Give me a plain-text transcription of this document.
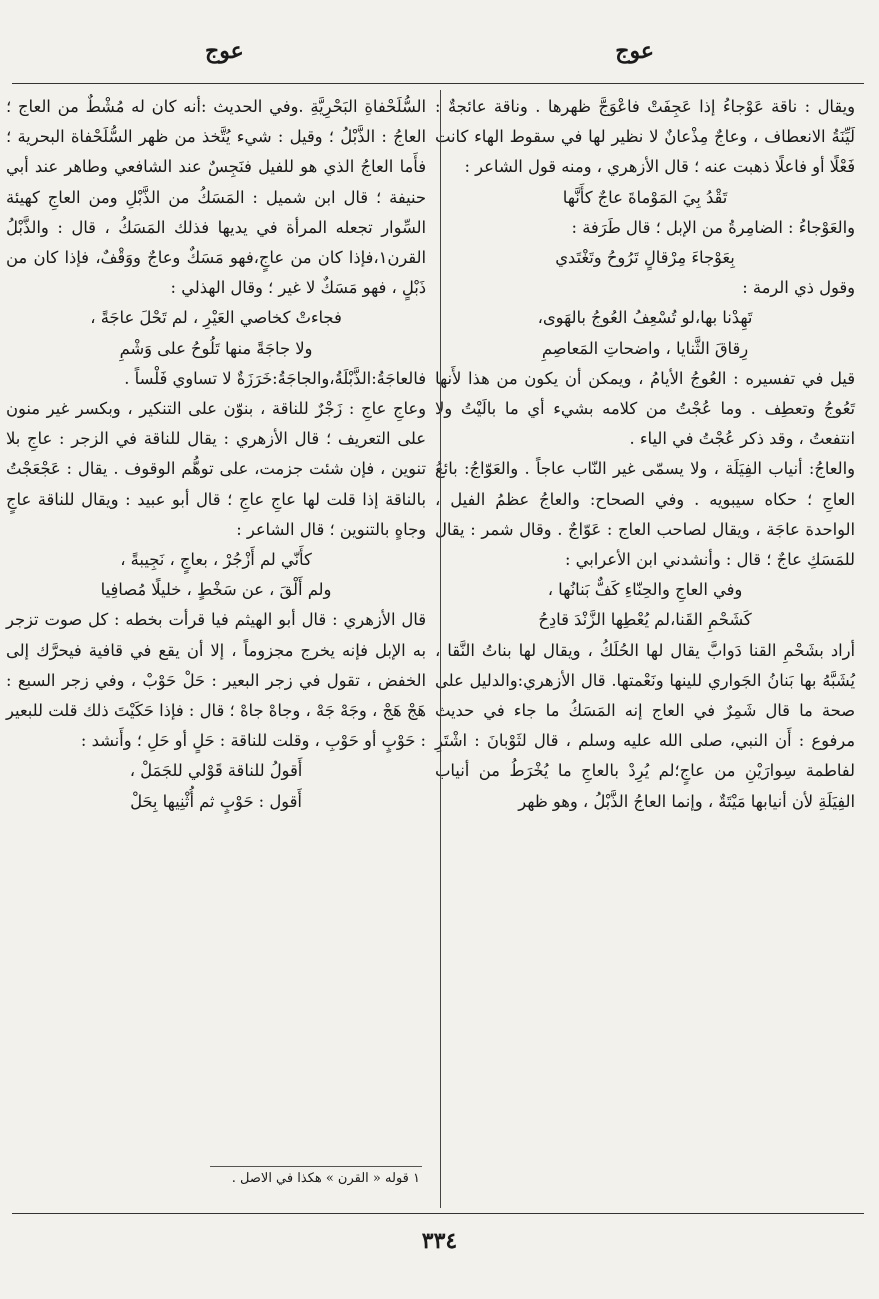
عوج
عوج

ويقال : ناقة عَوْجاءُ إذا عَجِفَتْ فاعْوَجَّ ظهرها . وناقة عائجةٌ : لَيِّنَةُ الانعطاف ، وعاجٌ مِذْعانٌ لا نظير لها في سقوط الهاء كانت فَعْلًا أو فاعلًا ذهبت عنه ؛ قال الأزهري ، ومنه قول الشاعر :

تَقْدُ بِيَ المَوْماةَ عاجٌ كأَنَّها

والعَوْجاءُ : الضامِرةُ من الإبل ؛ قال طَرَفة :

بِعَوْجاءَ مِرْقالٍ تَرُوحُ وتَغْتَدي

وقول ذي الرمة :

تَهِدْنا بها،لو تُسْعِفُ العُوجُ بالهَوى،

رِقاقَ الثَّنايا ، واضحاتِ المَعاصِمِ

قيل في تفسيره : العُوجُ الأيامُ ، ويمكن أن يكون من هذا لأَنها تَعُوجُ وتعطِف . وما عُجْتُ من كلامه بشيء أي ما بالَيْتُ ولا انتفعتُ ، وقد ذكر عُجْتُ في الياء .

والعاجُ: أنياب الفِيَلَة ، ولا يسمّى غير النّاب عاجاً . والعَوّاجُ: بائعُ العاجِ ؛ حكاه سيبويه . وفي الصحاح: والعاجُ عظمُ الفيل ، الواحدة عاجَة ، ويقال لصاحب العاج : عَوّاجٌ . وقال شمر : يقال للمَسَكِ عاجٌ ؛ قال : وأنشدني ابن الأعرابي :

وفي العاجِ والحِنّاءِ كَفٌّ بَنانُها ،

كَشَحْمِ القَنا،لم يُعْطِها الزَّنْدَ قادِحُ

أراد بشَحْمِ القنا دَوابَّ يقال لها الحُلَكُ ، ويقال لها بناتُ النَّقا ، يُشَبَّهُ بها بَنانُ الجَواري للينها ونَعْمتها. قال الأزهري:والدليل على صحة ما قال شَمِرٌ في العاج إنه المَسَكُ ما جاء في حديث مرفوع : أَن النبي، صلى الله عليه وسلم ، قال لثَوْبانَ : اشْتَرِ لفاطمة سِوارَيْنِ من عاجٍ؛لم يُرِدْ بالعاجِ ما يُخْرَطُ من أنياب الفِيَلَةِ لأن أنيابها مَيْتَةٌ ، وإنما العاجُ الذَّبْلُ ، وهو ظهر

السُّلَحْفاةِ البَحْرِيَّةِ .وفي الحديث :أنه كان له مُشْطٌ من العاج ؛ العاجُ : الذَّبْلُ ؛ وقيل : شيء يُتَّخذ من ظهر السُّلَحْفاة البحرية ؛ فأَما العاجُ الذي هو للفيل فنَجِسٌ عند الشافعي وطاهر عند أبي حنيفة ؛ قال ابن شميل : المَسَكُ من الذَّبْلِ ومن العاجِ كهيئة السِّوار تجعله المرأة في يديها فذلك المَسَكُ ، قال : والذَّبْلُ القرن١،فإذا كان من عاجٍ،فهو مَسَكٌ وعاجٌ ووَقْفٌ، فإذا كان من ذَبْلٍ ، فهو مَسَكٌ لا غير ؛ وقال الهذلي :

فجاءتْ كخاصي العَيْرِ ، لم تَحْلَ عاجَةً ،

ولا جاجَةً منها تَلُوحُ على وَشْمِ

فالعاجَةُ:الذَّبْلَةُ،والجاجَةُ:خَرَزَةٌ لا تساوي فَلْساً .

وعاجِ عاجِ : زَجْرٌ للناقة ، بنوّن على التنكير ، وبكسر غير منون على التعريف ؛ قال الأزهري : يقال للناقة في الزجر : عاجِ بلا تنوين ، فإن شئت جزمت، على توهُّم الوقوف . يقال : عَجْعَجْتُ بالناقة إذا قلت لها عاجِ عاجِ ؛ قال أبو عبيد : ويقال للناقة عاجٍ وجاهٍ بالتنوين ؛ قال الشاعر :

كأَنّي لم أَزْجُرْ ، بعاجٍ ، نَجِيبةً ،

ولم أَلْقَ ، عن سَخْطٍ ، خليلًا مُصافِيا

قال الأزهري : قال أبو الهيثم فيا قرأت بخطه : كل صوت تزجر به الإبل فإنه يخرج مجزوماً ، إلا أن يقع في قافية فيحرَّك إلى الخفض ، تقول في زجر البعير : حَلْ حَوْبْ ، وفي زجر السبع : هَجْ هَجْ ، وجَهْ جَهْ ، وجاهْ جاهْ ؛ قال : فإذا حَكَيْتَ ذلك قلت للبعير : حَوْبٍ أو حَوْبِ ، وقلت للناقة : حَلٍ أو حَلِ ؛ وأَنشد :

أَقولُ للناقة قَوْلي للجَمَلْ ،

أَقول : حَوْبٍ ثم أُثْنِيها بِحَلْ

١ قوله « القرن » هكذا في الاصل .
٣٣٤
